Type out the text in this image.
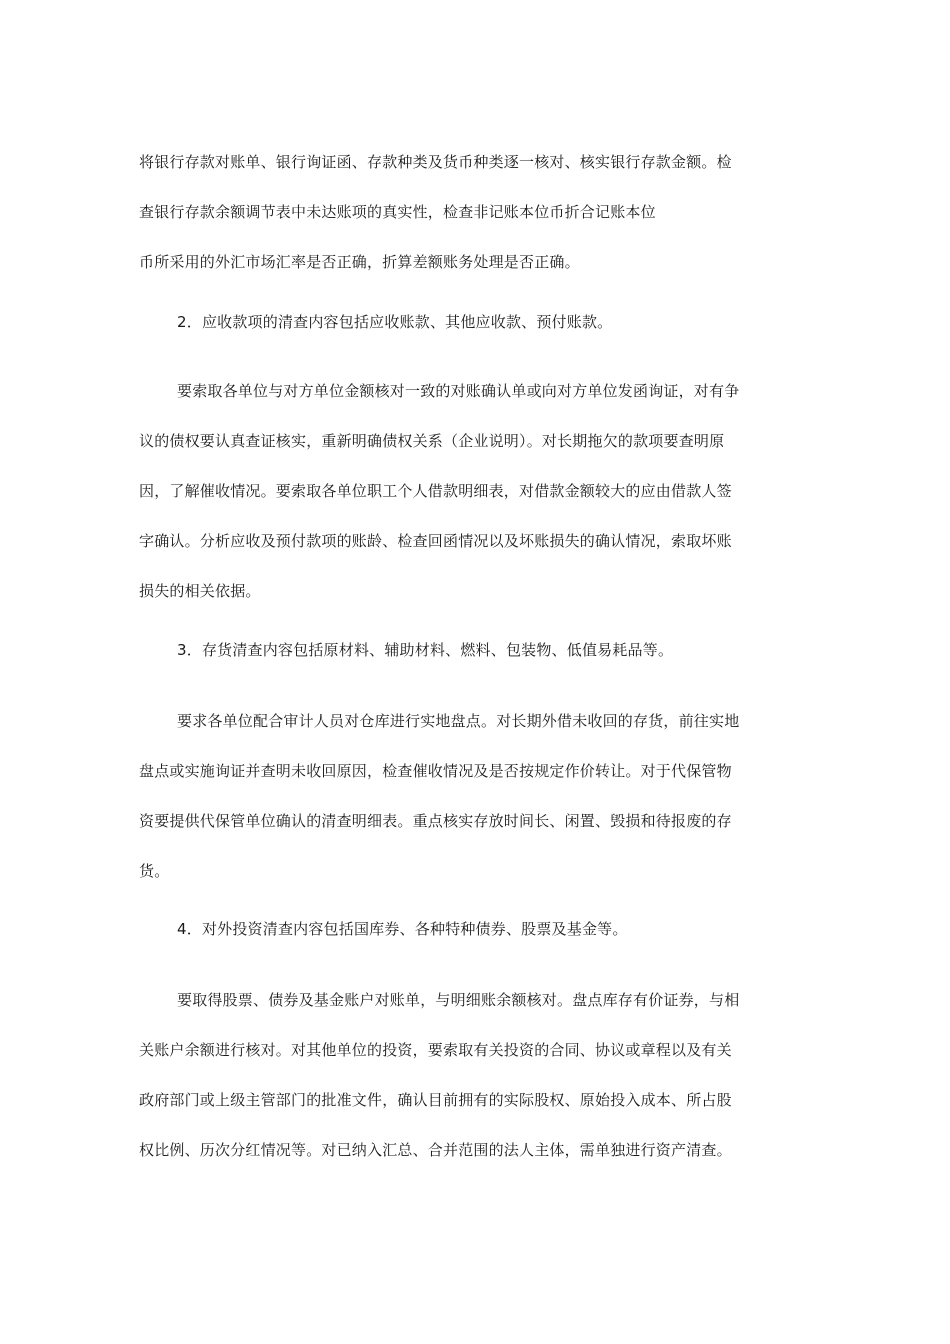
将银行存款对账单、银行询证函、存款种类及货币种类逐一核对、核实银行存款金额。检
查银行存款余额调节表中未达账项的真实性，检查非记账本位币折合记账本位
币所采用的外汇市场汇率是否正确，折算差额账务处理是否正确。
2．应收款项的清查内容包括应收账款、其他应收款、预付账款。
要索取各单位与对方单位金额核对一致的对账确认单或向对方单位发函询证，对有争
议的债权要认真查证核实，重新明确债权关系（企业说明）。对长期拖欠的款项要查明原
因，了解催收情况。要索取各单位职工个人借款明细表，对借款金额较大的应由借款人签
字确认。分析应收及预付款项的账龄、检查回函情况以及坏账损失的确认情况，索取坏账
损失的相关依据。
3．存货清查内容包括原材料、辅助材料、燃料、包装物、低值易耗品等。
要求各单位配合审计人员对仓库进行实地盘点。对长期外借未收回的存货，前往实地
盘点或实施询证并查明未收回原因，检查催收情况及是否按规定作价转让。对于代保管物
资要提供代保管单位确认的清查明细表。重点核实存放时间长、闲置、毁损和待报废的存
货。
4．对外投资清查内容包括国库券、各种特种债券、股票及基金等。
要取得股票、债券及基金账户对账单，与明细账余额核对。盘点库存有价证券，与相
关账户余额进行核对。对其他单位的投资，要索取有关投资的合同、协议或章程以及有关
政府部门或上级主管部门的批准文件，确认目前拥有的实际股权、原始投入成本、所占股
权比例、历次分红情况等。对已纳入汇总、合并范围的法人主体，需单独进行资产清查。
